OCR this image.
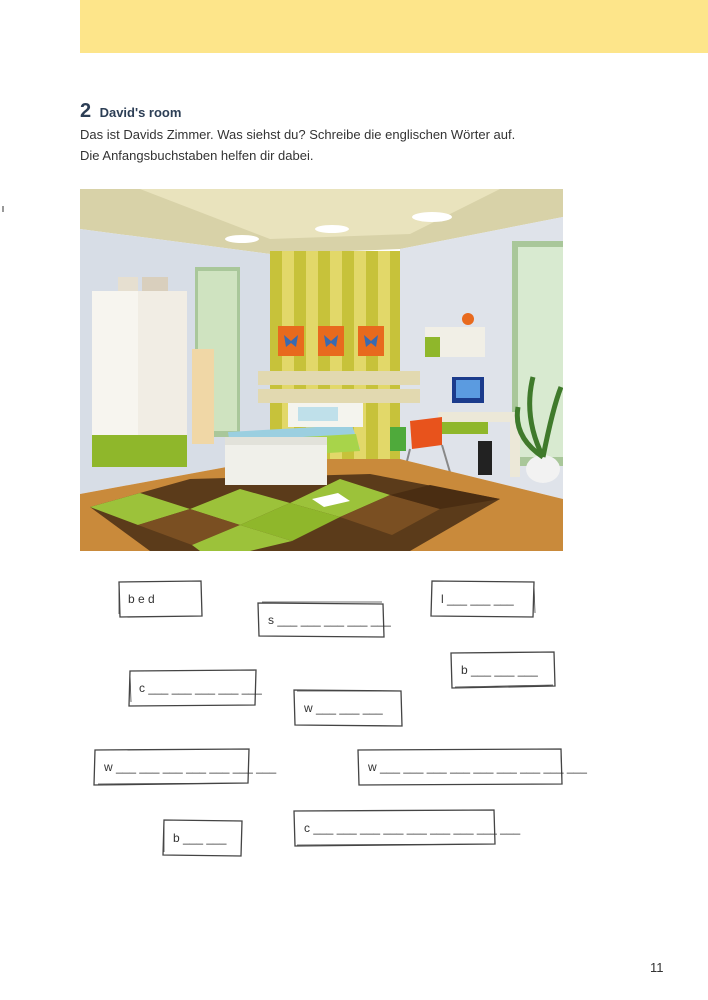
2 David's room
Das ist Davids Zimmer. Was siehst du? Schreibe die englischen Wörter auf.
Die Anfangsbuchstaben helfen dir dabei.
b e d
s ___ ___ ___ ___ ___
l ___ ___ ___
b ___ ___ ___
c ___ ___ ___ ___ ___
w ___ ___ ___
w ___ ___ ___ ___ ___ ___ ___	w ___ ___ ___ ___ ___ ___ ___ ___ ___
b ___ ___
c ___ ___ ___ ___ ___ ___ ___ ___ ___
11
